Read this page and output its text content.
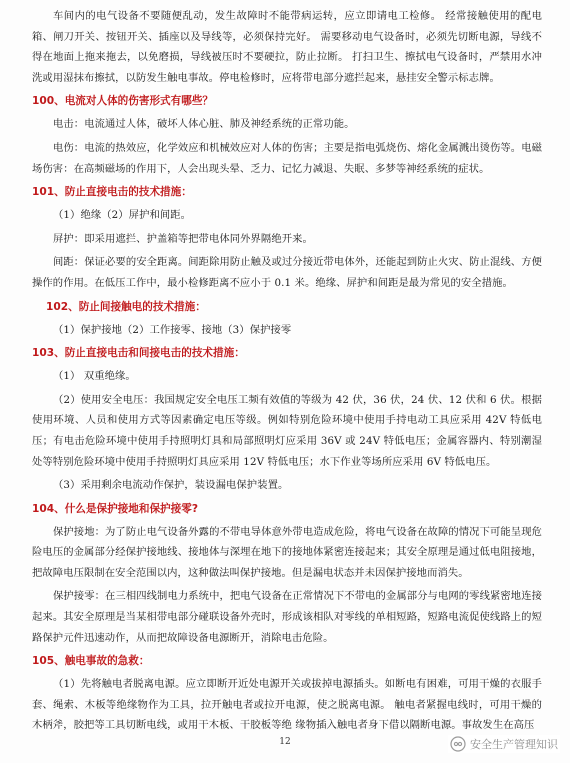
车间内的电气设备不要随便乱动，发生故障时不能带病运转，应立即请电工检修。 经常接触使用的配电箱、闸刀开关、按钮开关、插座以及导线等，必须保持完好。 需要移动电气设备时，必须先切断电源，导线不得在地面上拖来拖去，以免磨损，导线被压时不要硬拉，防止拉断。 打扫卫生、擦拭电气设备时，严禁用水冲洗或用湿抹布擦拭，以防发生触电事故。停电检修时，应将带电部分遮拦起来，悬挂安全警示标志牌。

100、电流对人体的伤害形式有哪些？

电击：电流通过人体，破坏人体心脏、肺及神经系统的正常功能。

电伤：电流的热效应，化学效应和机械效应对人体的伤害；主要是指电弧烧伤、熔化金属溅出烫伤等。电磁场伤害：在高频磁场的作用下，人会出现头晕、乏力、记忆力减退、失眠、多梦等神经系统的症状。

101、防止直接电击的技术措施：

（1）绝缘（2）屏护和间距。

屏护：即采用遮拦、护盖箱等把带电体同外界隔绝开来。

间距：保证必要的安全距离。间距除用防止触及或过分接近带电体外，还能起到防止火灾、防止混线、方便操作的作用。在低压工作中，最小检修距离不应小于 0.1 米。绝缘、屏护和间距是最为常见的安全措施。

102、防止间接触电的技术措施：

（1）保护接地（2）工作接零、接地（3）保护接零

103、防止直接电击和间接电击的技术措施：

（1） 双重绝缘。

（2）使用安全电压：我国规定安全电压工频有效值的等级为 42 伏，36 伏，24 伏、12 伏和 6 伏。根据使用环境、人员和使用方式等因素确定电压等级。例如特别危险环境中使用手持电动工具应采用 42V 特低电压；有电击危险环境中使用手持照明灯具和局部照明灯应采用 36V 或 24V 特低电压；金属容器内、特别潮湿处等特别危险环境中使用手持照明灯具应采用 12V 特低电压；水下作业等场所应采用 6V 特低电压。

（3）采用剩余电流动作保护，装设漏电保护装置。

104、什么是保护接地和保护接零?

保护接地：为了防止电气设备外露的不带电导体意外带电造成危险，将电气设备在故障的情况下可能呈现危险电压的金属部分经保护接地线、接地体与深埋在地下的接地体紧密连接起来；其安全原理是通过低电阻接地，把故障电压限制在安全范围以内，这种做法叫保护接地。但是漏电状态并未因保护接地而消失。

保护接零：在三相四线制电力系统中，把电气设备在正常情况下不带电的金属部分与电网的零线紧密地连接起来。其安全原理是当某相带电部分碰联设备外壳时，形成该相队对零线的单相短路，短路电流促使线路上的短路保护元件迅速动作，从而把故障设备电源断开，消除电击危险。

105、触电事故的急救：

（1）先将触电者脱离电源。应立即断开近处电源开关或拔掉电源插头。如断电有困难，可用干燥的衣服手套、绳索、木板等绝缘物作为工具，拉开触电者或拉开电源，使之脱离电源。 触电者紧握电线时，可用干燥的木柄斧，胶把等工具切断电线，或用干木板、干胶板等绝 缘物插入触电者身下借以隔断电源。事故发生在高压

12	安全生产管理知识
